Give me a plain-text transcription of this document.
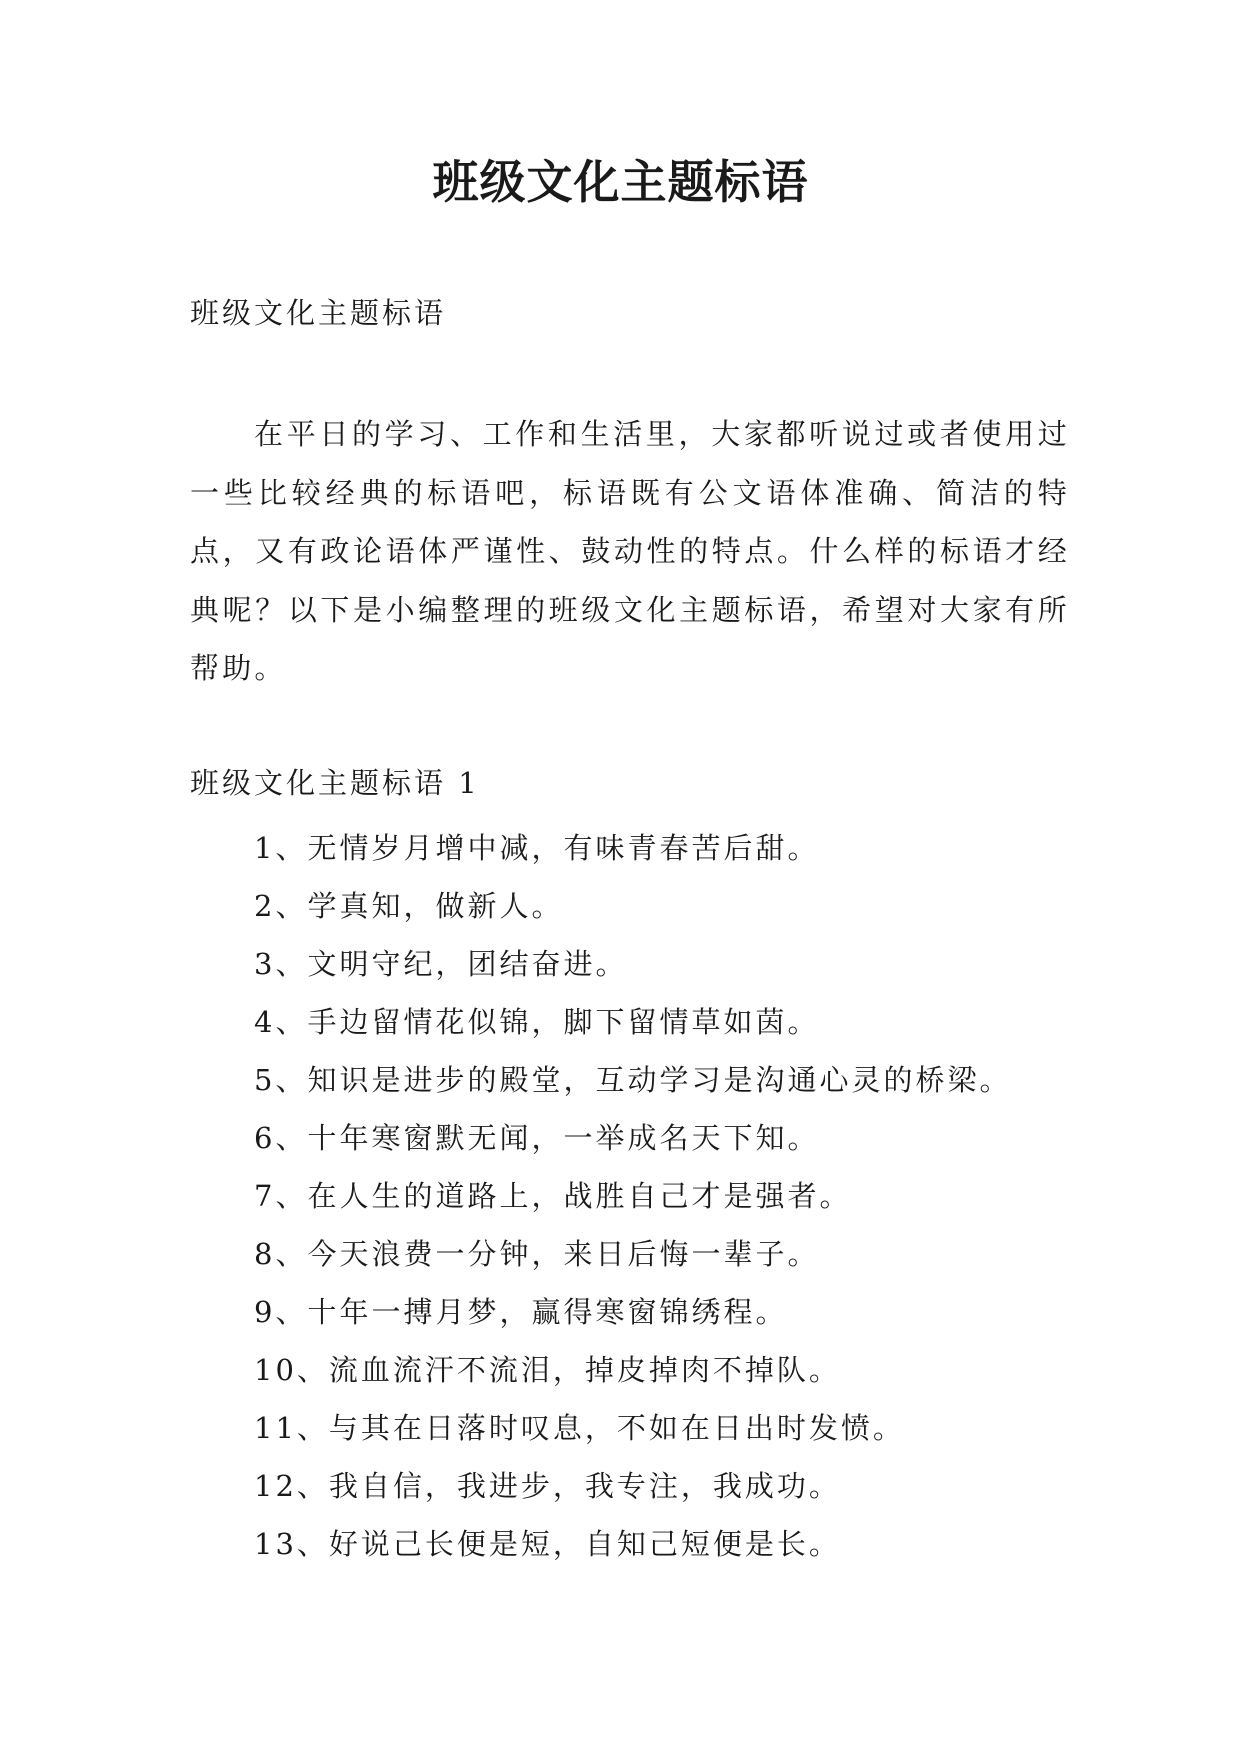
班级文化主题标语

班级文化主题标语

在平日的学习、工作和生活里，大家都听说过或者使用过一些比较经典的标语吧，标语既有公文语体准确、简洁的特点，又有政论语体严谨性、鼓动性的特点。什么样的标语才经典呢？以下是小编整理的班级文化主题标语，希望对大家有所帮助。

班级文化主题标语 1

1、无情岁月增中减，有味青春苦后甜。
2、学真知，做新人。
3、文明守纪，团结奋进。
4、手边留情花似锦，脚下留情草如茵。
5、知识是进步的殿堂，互动学习是沟通心灵的桥梁。
6、十年寒窗默无闻，一举成名天下知。
7、在人生的道路上，战胜自己才是强者。
8、今天浪费一分钟，来日后悔一辈子。
9、十年一搏月梦，赢得寒窗锦绣程。
10、流血流汗不流泪，掉皮掉肉不掉队。
11、与其在日落时叹息，不如在日出时发愤。
12、我自信，我进步，我专注，我成功。
13、好说己长便是短，自知己短便是长。
